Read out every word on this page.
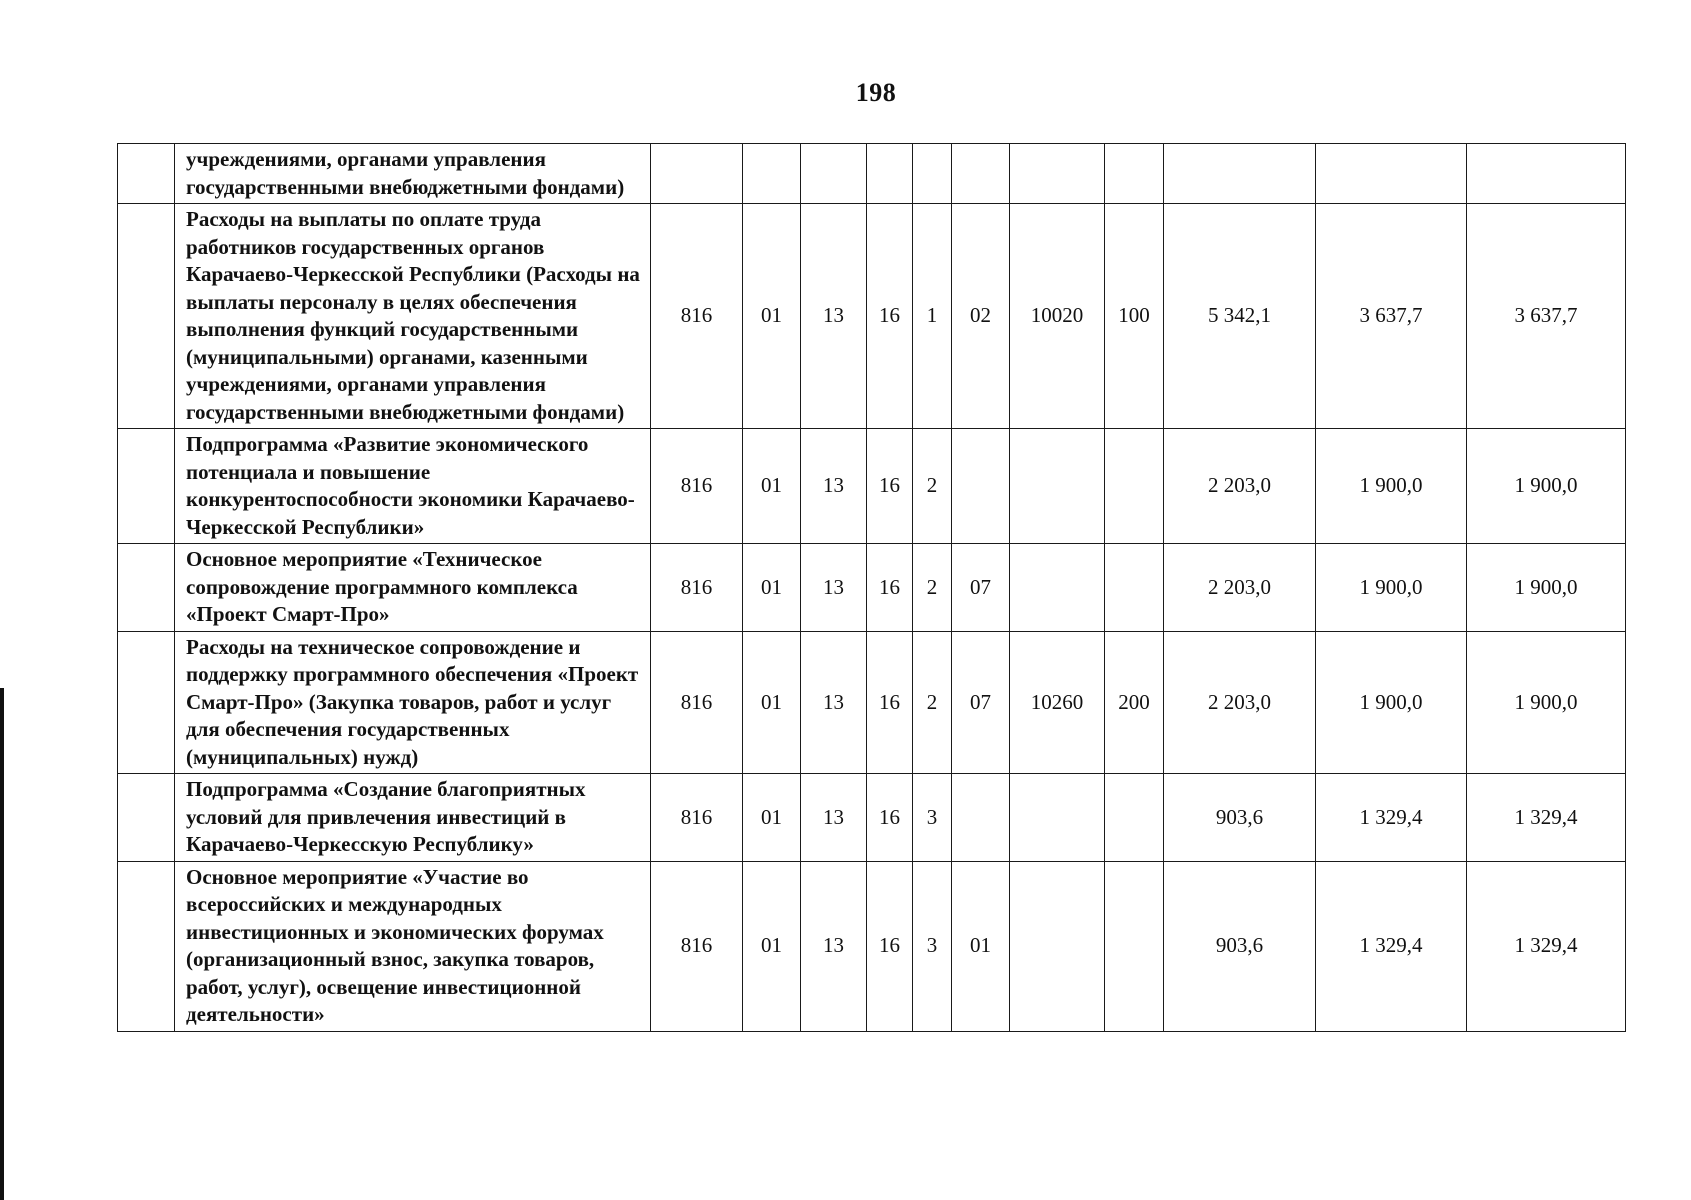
198
	учреждениями, органами управления государственными внебюджетными фондами)											
	Расходы на выплаты по оплате труда работников государственных органов Карачаево-Черкесской Республики (Расходы на выплаты персоналу в целях обеспечения выполнения функций государственными (муниципальными) органами, казенными учреждениями, органами управления государственными внебюджетными фондами)	816	01	13	16	1	02	10020	100	5 342,1	3 637,7	3 637,7
	Подпрограмма «Развитие экономического потенциала и повышение конкурентоспособности экономики Карачаево-Черкесской Республики»	816	01	13	16	2				2 203,0	1 900,0	1 900,0
	Основное мероприятие «Техническое сопровождение программного комплекса «Проект Смарт-Про»	816	01	13	16	2	07			2 203,0	1 900,0	1 900,0
	Расходы на техническое сопровождение и поддержку программного обеспечения «Проект Смарт-Про» (Закупка товаров, работ и услуг для обеспечения государственных (муниципальных) нужд)	816	01	13	16	2	07	10260	200	2 203,0	1 900,0	1 900,0
	Подпрограмма «Создание благоприятных условий для привлечения инвестиций в Карачаево-Черкесскую Республику»	816	01	13	16	3				903,6	1 329,4	1 329,4
	Основное мероприятие «Участие во всероссийских и международных инвестиционных и экономических форумах (организационный взнос, закупка товаров, работ, услуг), освещение инвестиционной деятельности»	816	01	13	16	3	01			903,6	1 329,4	1 329,4
